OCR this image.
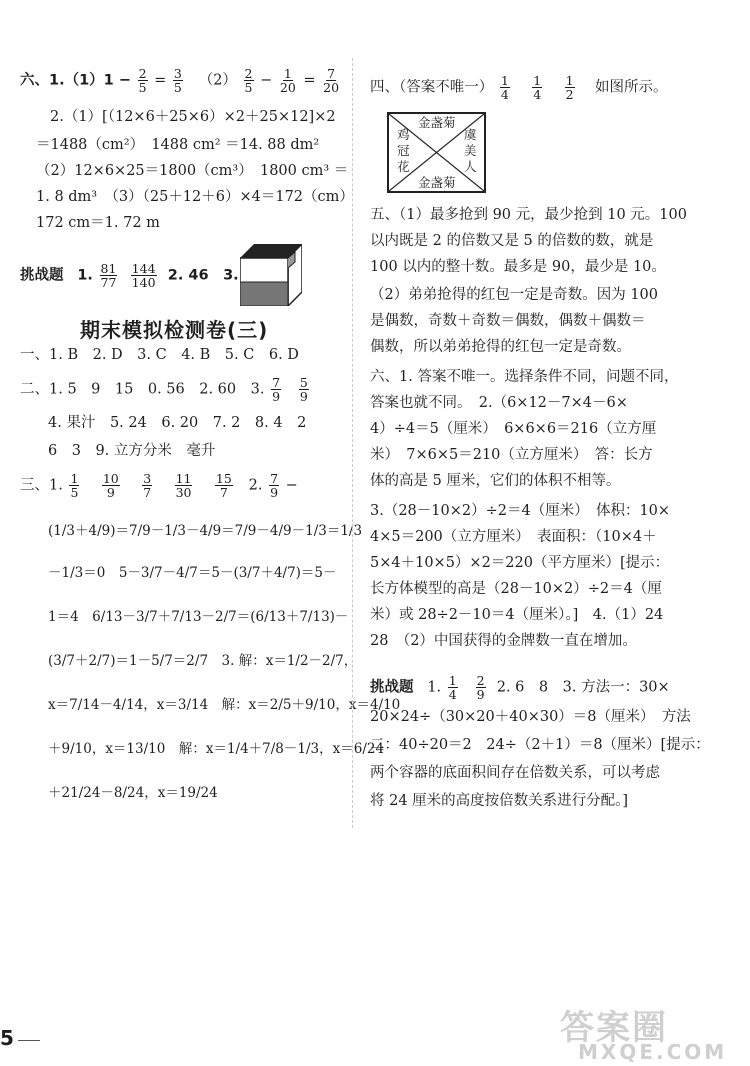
六、$1.(1)1 - \frac{2}{5} = \frac{3}{5} (2) \frac{2}{5} - \frac{1}{20} = \frac{7}{20}$
2.（1）[（12×6＋25×6）×2＋25×12]×2
＝1488（cm²）　1488 cm² ＝14. 88 dm²
（2）12×6×25＝1800（cm³）　1800 cm³ ＝
1. 8 dm³　（3）（25＋12＋6）×4＝172（cm）
172 cm＝1. 72 m
挑战题 1. $\frac{81}{77}$
$\frac{144}{140} 2$. 46　3.
期末模拟检测卷(三)
一、1. B　2. D　3. C　4. B　5. C　6. D
二、1. 5　9　15　0. 56　2. 60　3. $\frac{7}{9}$
$\frac{5}{9}$
4. 果汁　5. 24　6. 20　7. 2　8. 4　2
6　3　9. 立方分米　毫升
三、1. $\frac{1}{5}$
$\frac{10}{9}$
$\frac{3}{7}$
$\frac{11}{30}$
$\frac{15}{7} 2$. $\frac{7}{9}$ −
(1/3＋4/9)＝7/9－1/3－4/9＝7/9－4/9－1/3＝1/3
－1/3＝0　5－3/7－4/7＝5－(3/7＋4/7)＝5－
1＝4　6/13－3/7＋7/13－2/7＝(6/13＋7/13)－
(3/7＋2/7)＝1－5/7＝2/7　3. 解：x＝1/2－2/7，
x＝7/14－4/14，x＝3/14　解：x＝2/5＋9/10，x＝4/10
＋9/10，x＝13/10　解：x＝1/4＋7/8－1/3，x＝6/24
＋21/24－8/24，x＝19/24
四、（答案不唯一） $\frac{1}{4}$
$\frac{1}{4}$
$\frac{1}{2}$ 如图所示。
五、（1）最多抢到 90 元，最少抢到 10 元。100
以内既是 2 的倍数又是 5 的倍数的数，就是
100 以内的整十数。最多是 90，最少是 10。
（2）弟弟抢得的红包一定是奇数。因为 100
是偶数，奇数＋奇数＝偶数，偶数＋偶数＝
偶数，所以弟弟抢得的红包一定是奇数。
六、1. 答案不唯一。选择条件不同，问题不同，
答案也就不同。　2.（6×12－7×4－6×
4）÷4＝5（厘米）　6×6×6＝216（立方厘
米）　7×6×5＝210（立方厘米）　答：长方
体的高是 5 厘米，它们的体积不相等。
3.（28－10×2）÷2＝4（厘米）　体积：10×
4×5＝200（立方厘米）　表面积：（10×4＋
5×4＋10×5）×2＝220（平方厘米）[提示：
长方体模型的高是（28－10×2）÷2＝4（厘
米）或 28÷2－10＝4（厘米）。]　4.（1）24
28　（2）中国获得的金牌数一直在增加。
挑战题 1. $\frac{1}{4}$
$\frac{2}{9} 2$. 6　8　3. 方法一：30×
20×24÷（30×20＋40×30）＝8（厘米）　方法
二：40÷20＝2　24÷（2＋1）＝8（厘米）[提示：
两个容器的底面积间存在倍数关系，可以考虑
将 24 厘米的高度按倍数关系进行分配。]
金盏菊
金盏菊
鸡
冠
花
虞
美
人
5	答案圈
MXQE.COM
